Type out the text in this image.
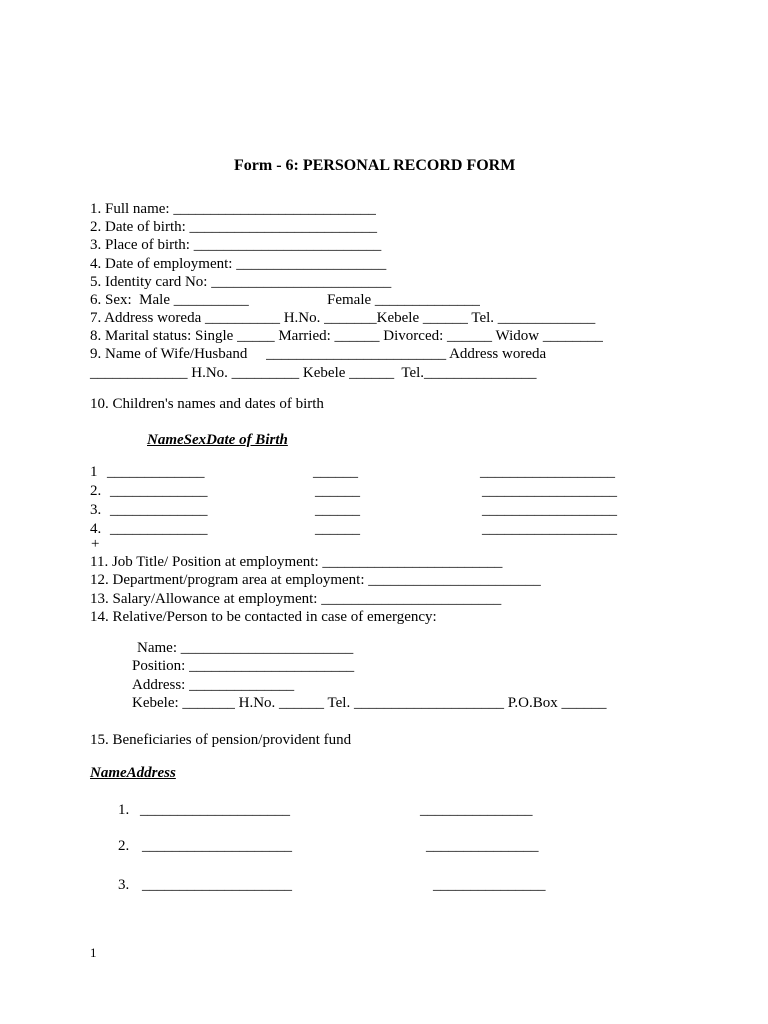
Form - 6: PERSONAL RECORD FORM
1. Full name: ___________________________
2. Date of birth: _________________________
3. Place of birth: _________________________
4. Date of employment: ____________________
5. Identity card No: ________________________
6. Sex:  Male __________	Female ______________
7. Address woreda __________ H.No. _______Kebele ______ Tel. _____________
8. Marital status: Single _____ Married: ______ Divorced: ______ Widow ________
9. Name of Wife/Husband     ________________________ Address woreda
_____________ H.No. _________ Kebele ______  Tel._______________
10. Children's names and dates of birth
NameSexDate of Birth
1 _____________	______	__________________
2. _____________	______	__________________
3. _____________	______	__________________
4. _____________	______	__________________
+
11. Job Title/ Position at employment: ________________________
12. Department/program area at employment: _______________________
13. Salary/Allowance at employment: ________________________
14. Relative/Person to be contacted in case of emergency:
Name: _______________________
Position: ______________________
Address: ______________
Kebele: _______ H.No. ______ Tel. ____________________ P.O.Box ______
15. Beneficiaries of pension/provident fund
NameAddress
1. ____________________	_______________
2. ____________________	_______________
3. ____________________	_______________
1
